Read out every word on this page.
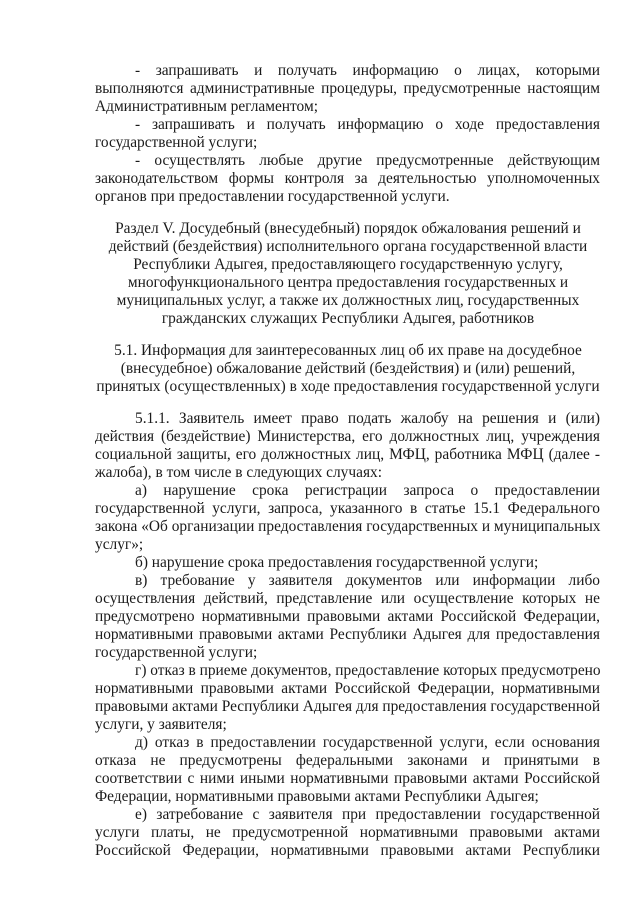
- запрашивать и получать информацию о лицах, которыми
выполняются административные процедуры, предусмотренные настоящим
Административным регламентом;
- запрашивать и получать информацию о ходе предоставления
государственной услуги;
- осуществлять любые другие предусмотренные действующим
законодательством формы контроля за деятельностью уполномоченных
органов при предоставлении государственной услуги.
Раздел V. Досудебный (внесудебный) порядок обжалования решений и
действий (бездействия) исполнительного органа государственной власти
Республики Адыгея, предоставляющего государственную услугу,
многофункционального центра предоставления государственных и
муниципальных услуг, а также их должностных лиц, государственных
гражданских служащих Республики Адыгея, работников
5.1. Информация для заинтересованных лиц об их праве на досудебное
(внесудебное) обжалование действий (бездействия) и (или) решений,
принятых (осуществленных) в ходе предоставления государственной услуги
5.1.1. Заявитель имеет право подать жалобу на решения и (или)
действия (бездействие) Министерства, его должностных лиц, учреждения
социальной защиты, его должностных лиц, МФЦ, работника МФЦ (далее -
жалоба), в том числе в следующих случаях:
а) нарушение срока регистрации запроса о предоставлении
государственной услуги, запроса, указанного в статье 15.1 Федерального
закона «Об организации предоставления государственных и муниципальных
услуг»;
б) нарушение срока предоставления государственной услуги;
в) требование у заявителя документов или информации либо
осуществления действий, представление или осуществление которых не
предусмотрено нормативными правовыми актами Российской Федерации,
нормативными правовыми актами Республики Адыгея для предоставления
государственной услуги;
г) отказ в приеме документов, предоставление которых предусмотрено
нормативными правовыми актами Российской Федерации, нормативными
правовыми актами Республики Адыгея для предоставления государственной
услуги, у заявителя;
д) отказ в предоставлении государственной услуги, если основания
отказа не предусмотрены федеральными законами и принятыми в
соответствии с ними иными нормативными правовыми актами Российской
Федерации, нормативными правовыми актами Республики Адыгея;
е) затребование с заявителя при предоставлении государственной
услуги платы, не предусмотренной нормативными правовыми актами
Российской Федерации, нормативными правовыми актами Республики
